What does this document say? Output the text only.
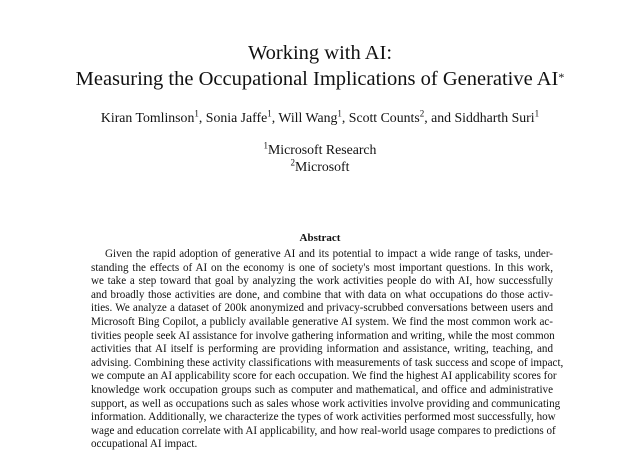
Working with AI:
Measuring the Occupational Implications of Generative AI*
Kiran Tomlinson$^1$, Sonia Jaffe$^1$, Will Wang$^1$, Scott Counts$^2$, and Siddharth Suri$^1$
$^1$Microsoft Research
$^2$Microsoft
Abstract
Given the rapid adoption of generative AI and its potential to impact a wide range of tasks, under-
standing the effects of AI on the economy is one of society's most important questions. In this work,
we take a step toward that goal by analyzing the work activities people do with AI, how successfully
and broadly those activities are done, and combine that with data on what occupations do those activ-
ities. We analyze a dataset of 200k anonymized and privacy-scrubbed conversations between users and
Microsoft Bing Copilot, a publicly available generative AI system. We find the most common work ac-
tivities people seek AI assistance for involve gathering information and writing, while the most common
activities that AI itself is performing are providing information and assistance, writing, teaching, and
advising. Combining these activity classifications with measurements of task success and scope of impact,
we compute an AI applicability score for each occupation. We find the highest AI applicability scores for
knowledge work occupation groups such as computer and mathematical, and office and administrative
support, as well as occupations such as sales whose work activities involve providing and communicating
information. Additionally, we characterize the types of work activities performed most successfully, how
wage and education correlate with AI applicability, and how real-world usage compares to predictions of
occupational AI impact.
